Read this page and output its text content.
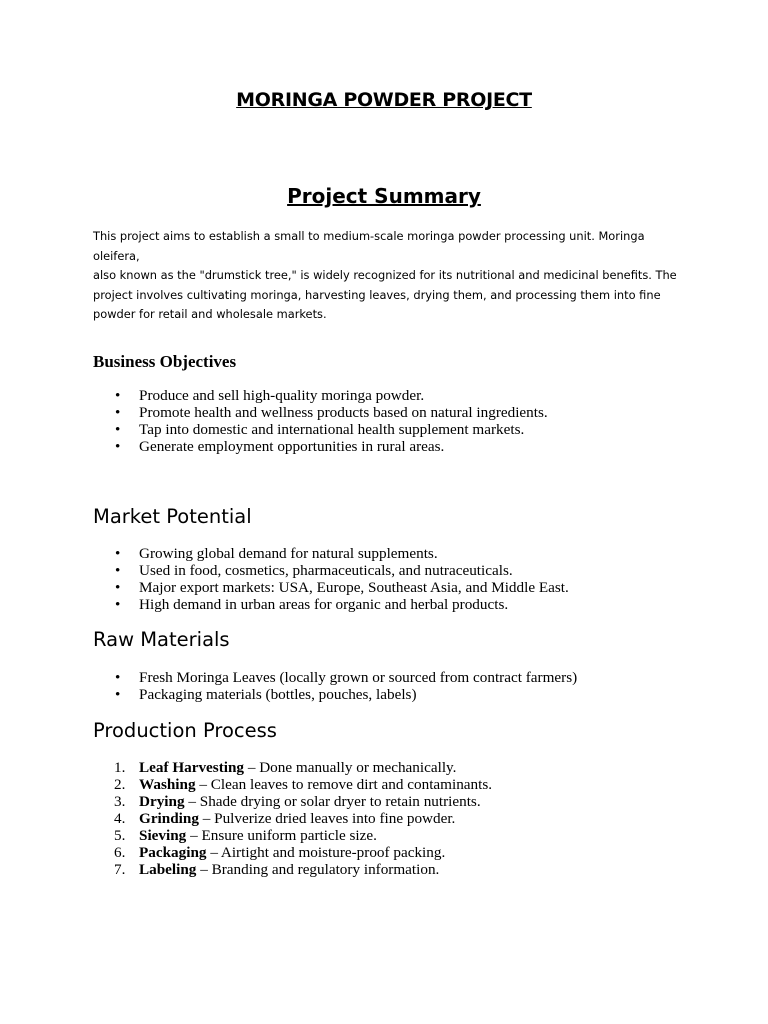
MORINGA POWDER PROJECT
Project Summary
This project aims to establish a small to medium-scale moringa powder processing unit. Moringa oleifera,
also known as the "drumstick tree," is widely recognized for its nutritional and medicinal benefits. The
project involves cultivating moringa, harvesting leaves, drying them, and processing them into fine
powder for retail and wholesale markets.
Business Objectives
• Produce and sell high-quality moringa powder.
• Promote health and wellness products based on natural ingredients.
• Tap into domestic and international health supplement markets.
• Generate employment opportunities in rural areas.
Market Potential
• Growing global demand for natural supplements.
• Used in food, cosmetics, pharmaceuticals, and nutraceuticals.
• Major export markets: USA, Europe, Southeast Asia, and Middle East.
• High demand in urban areas for organic and herbal products.
Raw Materials
• Fresh Moringa Leaves (locally grown or sourced from contract farmers)
• Packaging materials (bottles, pouches, labels)
Production Process
1. Leaf Harvesting – Done manually or mechanically.
2. Washing – Clean leaves to remove dirt and contaminants.
3. Drying – Shade drying or solar dryer to retain nutrients.
4. Grinding – Pulverize dried leaves into fine powder.
5. Sieving – Ensure uniform particle size.
6. Packaging – Airtight and moisture-proof packing.
7. Labeling – Branding and regulatory information.
